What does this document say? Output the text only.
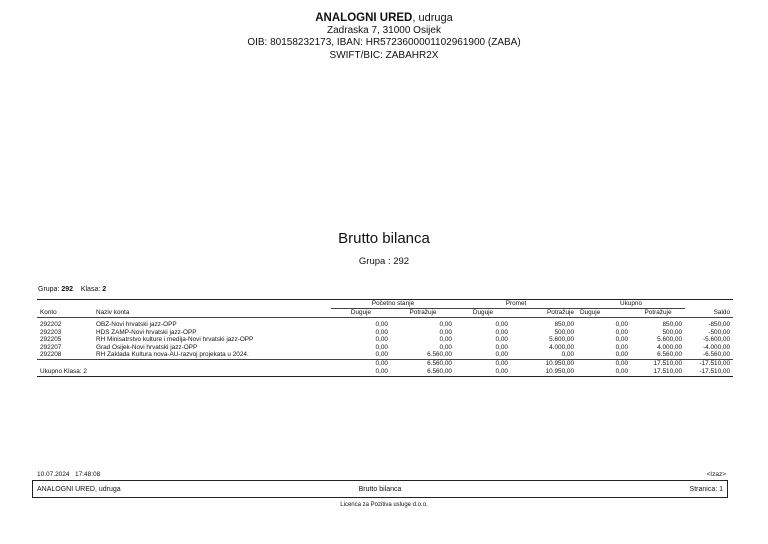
ANALOGNI URED, udruga
Zadraska 7, 31000 Osijek
OIB: 80158232173, IBAN: HR5723600001102961900 (ZABA)
SWIFT/BIC: ZABAHR2X
Brutto bilanca
Grupa : 292
Grupa: 292 Klasa: 2
		Početno stanje		Promet		Ukupno		
Konto	Naziv konta	Duguje	Potražuje	Duguje	Potražuje	Duguje	Potražuje	Saldo

292202	OBŽ-Novi hrvatski jazz-OPP	0,00	0,00	0,00	850,00	0,00	850,00	-850,00
292203	HDS ZAMP-Novi hrvatski jazz-OPP	0,00	0,00	0,00	500,00	0,00	500,00	-500,00
292205	RH Minisatrstvo kulture i medija-Novi hrvatski jazz-OPP	0,00	0,00	0,00	5.600,00	0,00	5.600,00	-5.600,00
292207	Grad Osijek-Novi hrvatski jazz-OPP	0,00	0,00	0,00	4.000,00	0,00	4.000,00	-4.000,00
292208	RH Zaklada Kultura nova-AU-razvoj projekata u 2024.	0,00	6.560,00	0,00	0,00	0,00	6.560,00	-6.560,00
		0,00	6.560,00	0,00	10.950,00	0,00	17.510,00	-17.510,00
Ukupno Klasa: 2		0,00	6.560,00	0,00	10.950,00	0,00	17.510,00	-17.510,00
10.07.2024   17:48:08	<Izaz>
ANALOGNI URED, udruga	Brutto bilanca	Stranica: 1
Licenca za Pozitiva usluge d.o.o.
